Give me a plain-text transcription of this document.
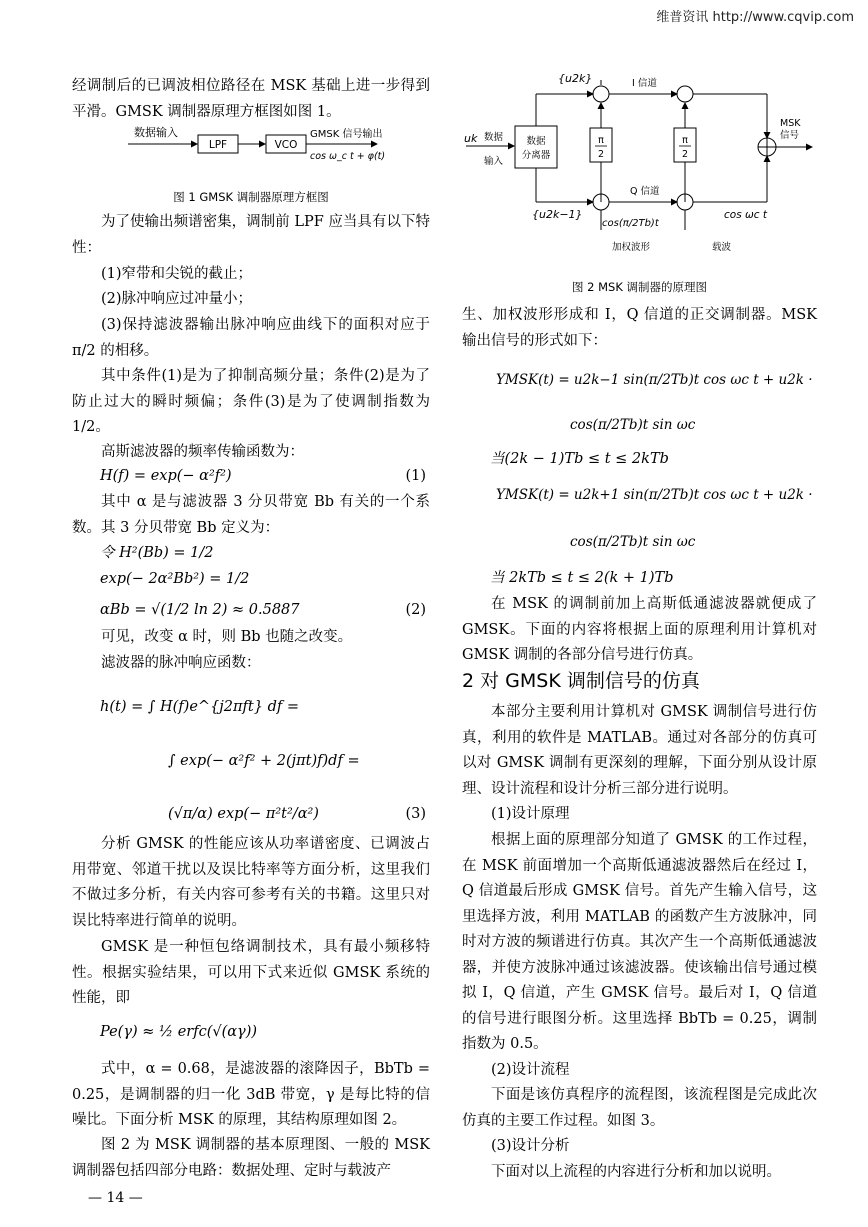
维普资讯 http://www.cqvip.com

经调制后的已调波相位路径在 MSK 基础上进一步得到平滑。GMSK 调制器原理方框图如图 1。

数据输入
LPF	VCO
GMSK 信号输出
cos ω_c t + φ(t)
图 1 GMSK 调制器原理方框图

为了使输出频谱密集，调制前 LPF 应当具有以下特性：

(1)窄带和尖锐的截止；

(2)脉冲响应过冲量小；

(3)保持滤波器输出脉冲响应曲线下的面积对应于 π/2 的相移。

其中条件(1)是为了抑制高频分量；条件(2)是为了防止过大的瞬时频偏；条件(3)是为了使调制指数为 1/2。

高斯滤波器的频率传输函数为：

H(f) = exp(− α²f²)	(1)

其中 α 是与滤波器 3 分贝带宽 Bb 有关的一个系数。其 3 分贝带宽 Bb 定义为：

令 H²(Bb) = 1/2
exp(− 2α²Bb²) = 1/2
αBb = √(1/2 ln 2) ≈ 0.5887	(2)

可见，改变 α 时，则 Bb 也随之改变。

滤波器的脉冲响应函数：

h(t) = ∫ H(f)e^{j2πft} df =
∫ exp(− α²f² + 2(jπt)f)df =
(√π/α) exp(− π²t²/α²)	(3)

分析 GMSK 的性能应该从功率谱密度、已调波占用带宽、邻道干扰以及误比特率等方面分析，这里我们不做过多分析，有关内容可参考有关的书籍。这里只对误比特率进行简单的说明。

GMSK 是一种恒包络调制技术，具有最小频移特性。根据实验结果，可以用下式来近似 GMSK 系统的性能，即

Pe(γ) ≈ ½ erfc(√(αγ))

式中，α = 0.68，是滤波器的滚降因子，BbTb = 0.25，是调制器的归一化 3dB 带宽，γ 是每比特的信噪比。下面分析 MSK 的原理，其结构原理如图 2。

图 2 为 MSK 调制器的基本原理图、一般的 MSK 调制器包括四部分电路：数据处理、定时与载波产

— 14 —
{u2k}	I 信道
MSK
信号
uk 数据
输入
数据
分离器
π
2
π
2
Q 信道
{u2k−1}
cos(π/2Tb)t
cos ωc t
加权波形	载波
图 2 MSK 调制器的原理图

生、加权波形形成和 I，Q 信道的正交调制器。MSK 输出信号的形式如下：

YMSK(t) = u2k−1 sin(π/2Tb)t cos ωc t + u2k ·
cos(π/2Tb)t sin ωc
当(2k − 1)Tb ≤ t ≤ 2kTb
YMSK(t) = u2k+1 sin(π/2Tb)t cos ωc t + u2k ·
cos(π/2Tb)t sin ωc
当 2kTb ≤ t ≤ 2(k + 1)Tb

在 MSK 的调制前加上高斯低通滤波器就便成了 GMSK。下面的内容将根据上面的原理利用计算机对 GMSK 调制的各部分信号进行仿真。

2 对 GMSK 调制信号的仿真

本部分主要利用计算机对 GMSK 调制信号进行仿真，利用的软件是 MATLAB。通过对各部分的仿真可以对 GMSK 调制有更深刻的理解，下面分别从设计原理、设计流程和设计分析三部分进行说明。

(1)设计原理

根据上面的原理部分知道了 GMSK 的工作过程，在 MSK 前面增加一个高斯低通滤波器然后在经过 I，Q 信道最后形成 GMSK 信号。首先产生输入信号，这里选择方波，利用 MATLAB 的函数产生方波脉冲，同时对方波的频谱进行仿真。其次产生一个高斯低通滤波器，并使方波脉冲通过该滤波器。使该输出信号通过模拟 I，Q 信道，产生 GMSK 信号。最后对 I，Q 信道的信号进行眼图分析。这里选择 BbTb = 0.25，调制指数为 0.5。

(2)设计流程

下面是该仿真程序的流程图，该流程图是完成此次仿真的主要工作过程。如图 3。

(3)设计分析

下面对以上流程的内容进行分析和加以说明。
